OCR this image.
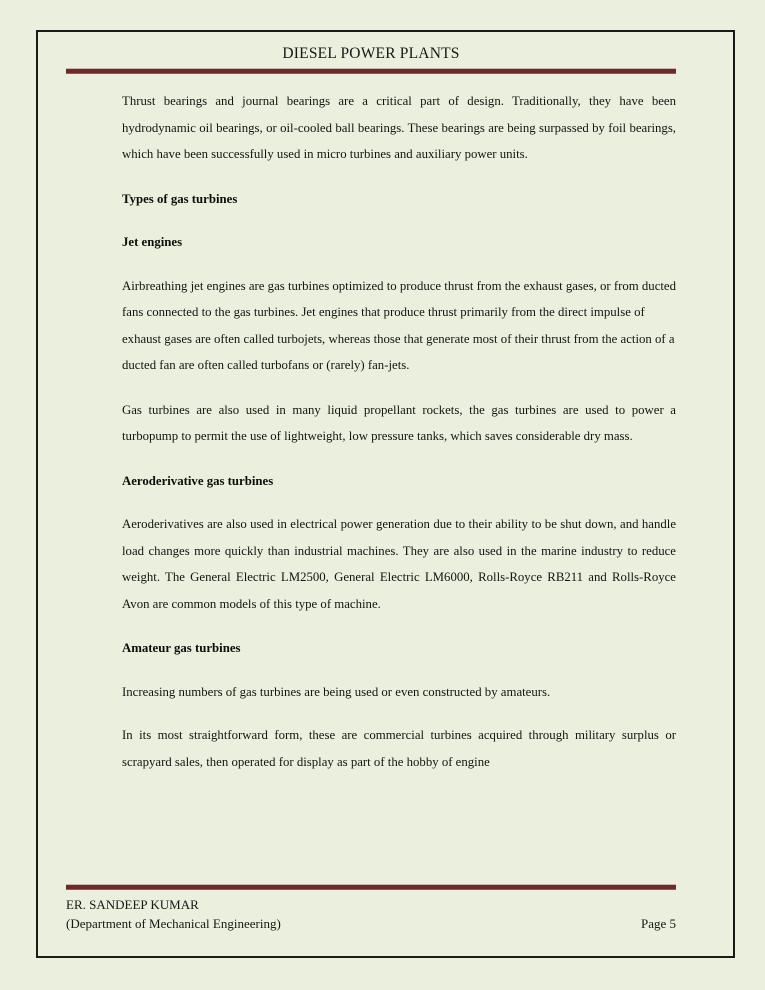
DIESEL POWER PLANTS

Thrust bearings and journal bearings are a critical part of design. Traditionally, they have been hydrodynamic oil bearings, or oil-cooled ball bearings. These bearings are being surpassed by foil bearings, which have been successfully used in micro turbines and auxiliary power units.

Types of gas turbines

Jet engines

Airbreathing jet engines are gas turbines optimized to produce thrust from the exhaust gases, or from ducted fans connected to the gas turbines. Jet engines that produce thrust primarily from the direct impulse of exhaust gases are often called turbojets, whereas those that generate most of their thrust from the action of a ducted fan are often called turbofans or (rarely) fan-jets.

Gas turbines are also used in many liquid propellant rockets, the gas turbines are used to power a turbopump to permit the use of lightweight, low pressure tanks, which saves considerable dry mass.

Aeroderivative gas turbines

Aeroderivatives are also used in electrical power generation due to their ability to be shut down, and handle load changes more quickly than industrial machines. They are also used in the marine industry to reduce weight. The General Electric LM2500, General Electric LM6000, Rolls-Royce RB211 and Rolls-Royce Avon are common models of this type of machine.

Amateur gas turbines

Increasing numbers of gas turbines are being used or even constructed by amateurs.

In its most straightforward form, these are commercial turbines acquired through military surplus or scrapyard sales, then operated for display as part of the hobby of engine

ER. SANDEEP KUMAR
(Department of Mechanical Engineering)	Page 5
